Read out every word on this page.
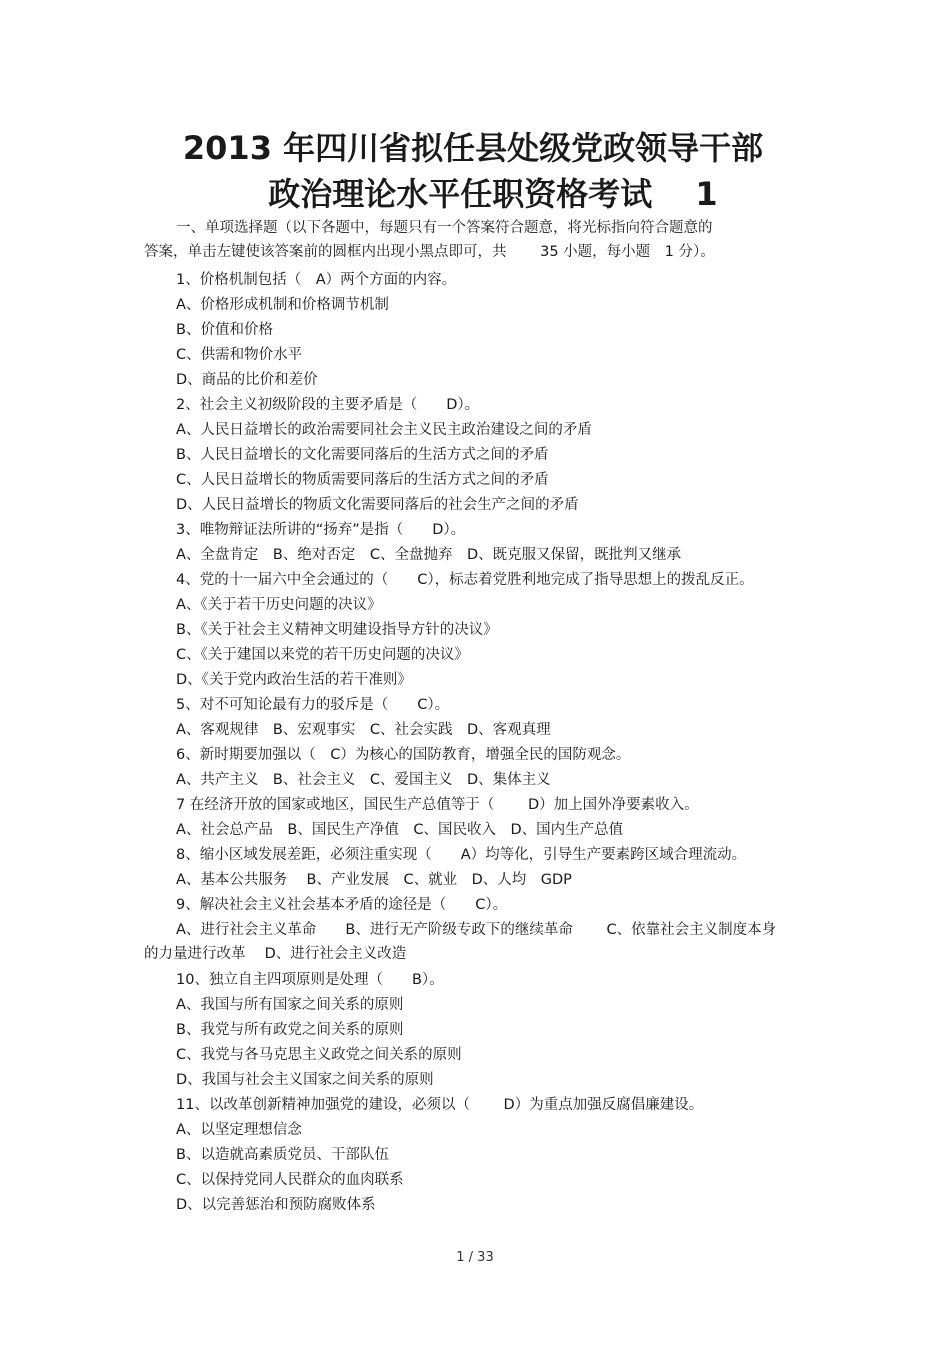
2013 年四川省拟任县处级党政领导干部
政治理论水平任职资格考试　 1
一、单项选择题（以下各题中，每题只有一个答案符合题意，将光标指向符合题意的
答案，单击左键使该答案前的圆框内出现小黑点即可，共　　 35 小题，每小题　1 分）。
1、价格机制包括（　A）两个方面的内容。
A、价格形成机制和价格调节机制
B、价值和价格
C、供需和物价水平
D、商品的比价和差价
2、社会主义初级阶段的主要矛盾是（　　D）。
A、人民日益增长的政治需要同社会主义民主政治建设之间的矛盾
B、人民日益增长的文化需要同落后的生活方式之间的矛盾
C、人民日益增长的物质需要同落后的生活方式之间的矛盾
D、人民日益增长的物质文化需要同落后的社会生产之间的矛盾
3、唯物辩证法所讲的“扬弃”是指（　　D）。
A、全盘肯定　B、绝对否定　C、全盘抛弃　D、既克服又保留，既批判又继承
4、党的十一届六中全会通过的（　　C），标志着党胜利地完成了指导思想上的拨乱反正。
A、《关于若干历史问题的决议》
B、《关于社会主义精神文明建设指导方针的决议》
C、《关于建国以来党的若干历史问题的决议》
D、《关于党内政治生活的若干准则》
5、对不可知论最有力的驳斥是（　　C）。
A、客观规律　B、宏观事实　C、社会实践　D、客观真理
6、新时期要加强以（　C）为核心的国防教育，增强全民的国防观念。
A、共产主义　B、社会主义　C、爱国主义　D、集体主义
7 在经济开放的国家或地区，国民生产总值等于（　　 D）加上国外净要素收入。
A、社会总产品　B、国民生产净值　C、国民收入　D、国内生产总值
8、缩小区域发展差距，必须注重实现（　　A）均等化，引导生产要素跨区域合理流动。
A、基本公共服务　 B、产业发展　C、就业　D、人均　GDP
9、解决社会主义社会基本矛盾的途径是（　　C）。
A、进行社会主义革命　　B、进行无产阶级专政下的继续革命　　 C、依靠社会主义制度本身
的力量进行改革　 D、进行社会主义改造
10、独立自主四项原则是处理（　　B）。
A、我国与所有国家之间关系的原则
B、我党与所有政党之间关系的原则
C、我党与各马克思主义政党之间关系的原则
D、我国与社会主义国家之间关系的原则
11、以改革创新精神加强党的建设，必须以（　　 D）为重点加强反腐倡廉建设。
A、以坚定理想信念
B、以造就高素质党员、干部队伍
C、以保持党同人民群众的血肉联系
D、以完善惩治和预防腐败体系
1 / 33
